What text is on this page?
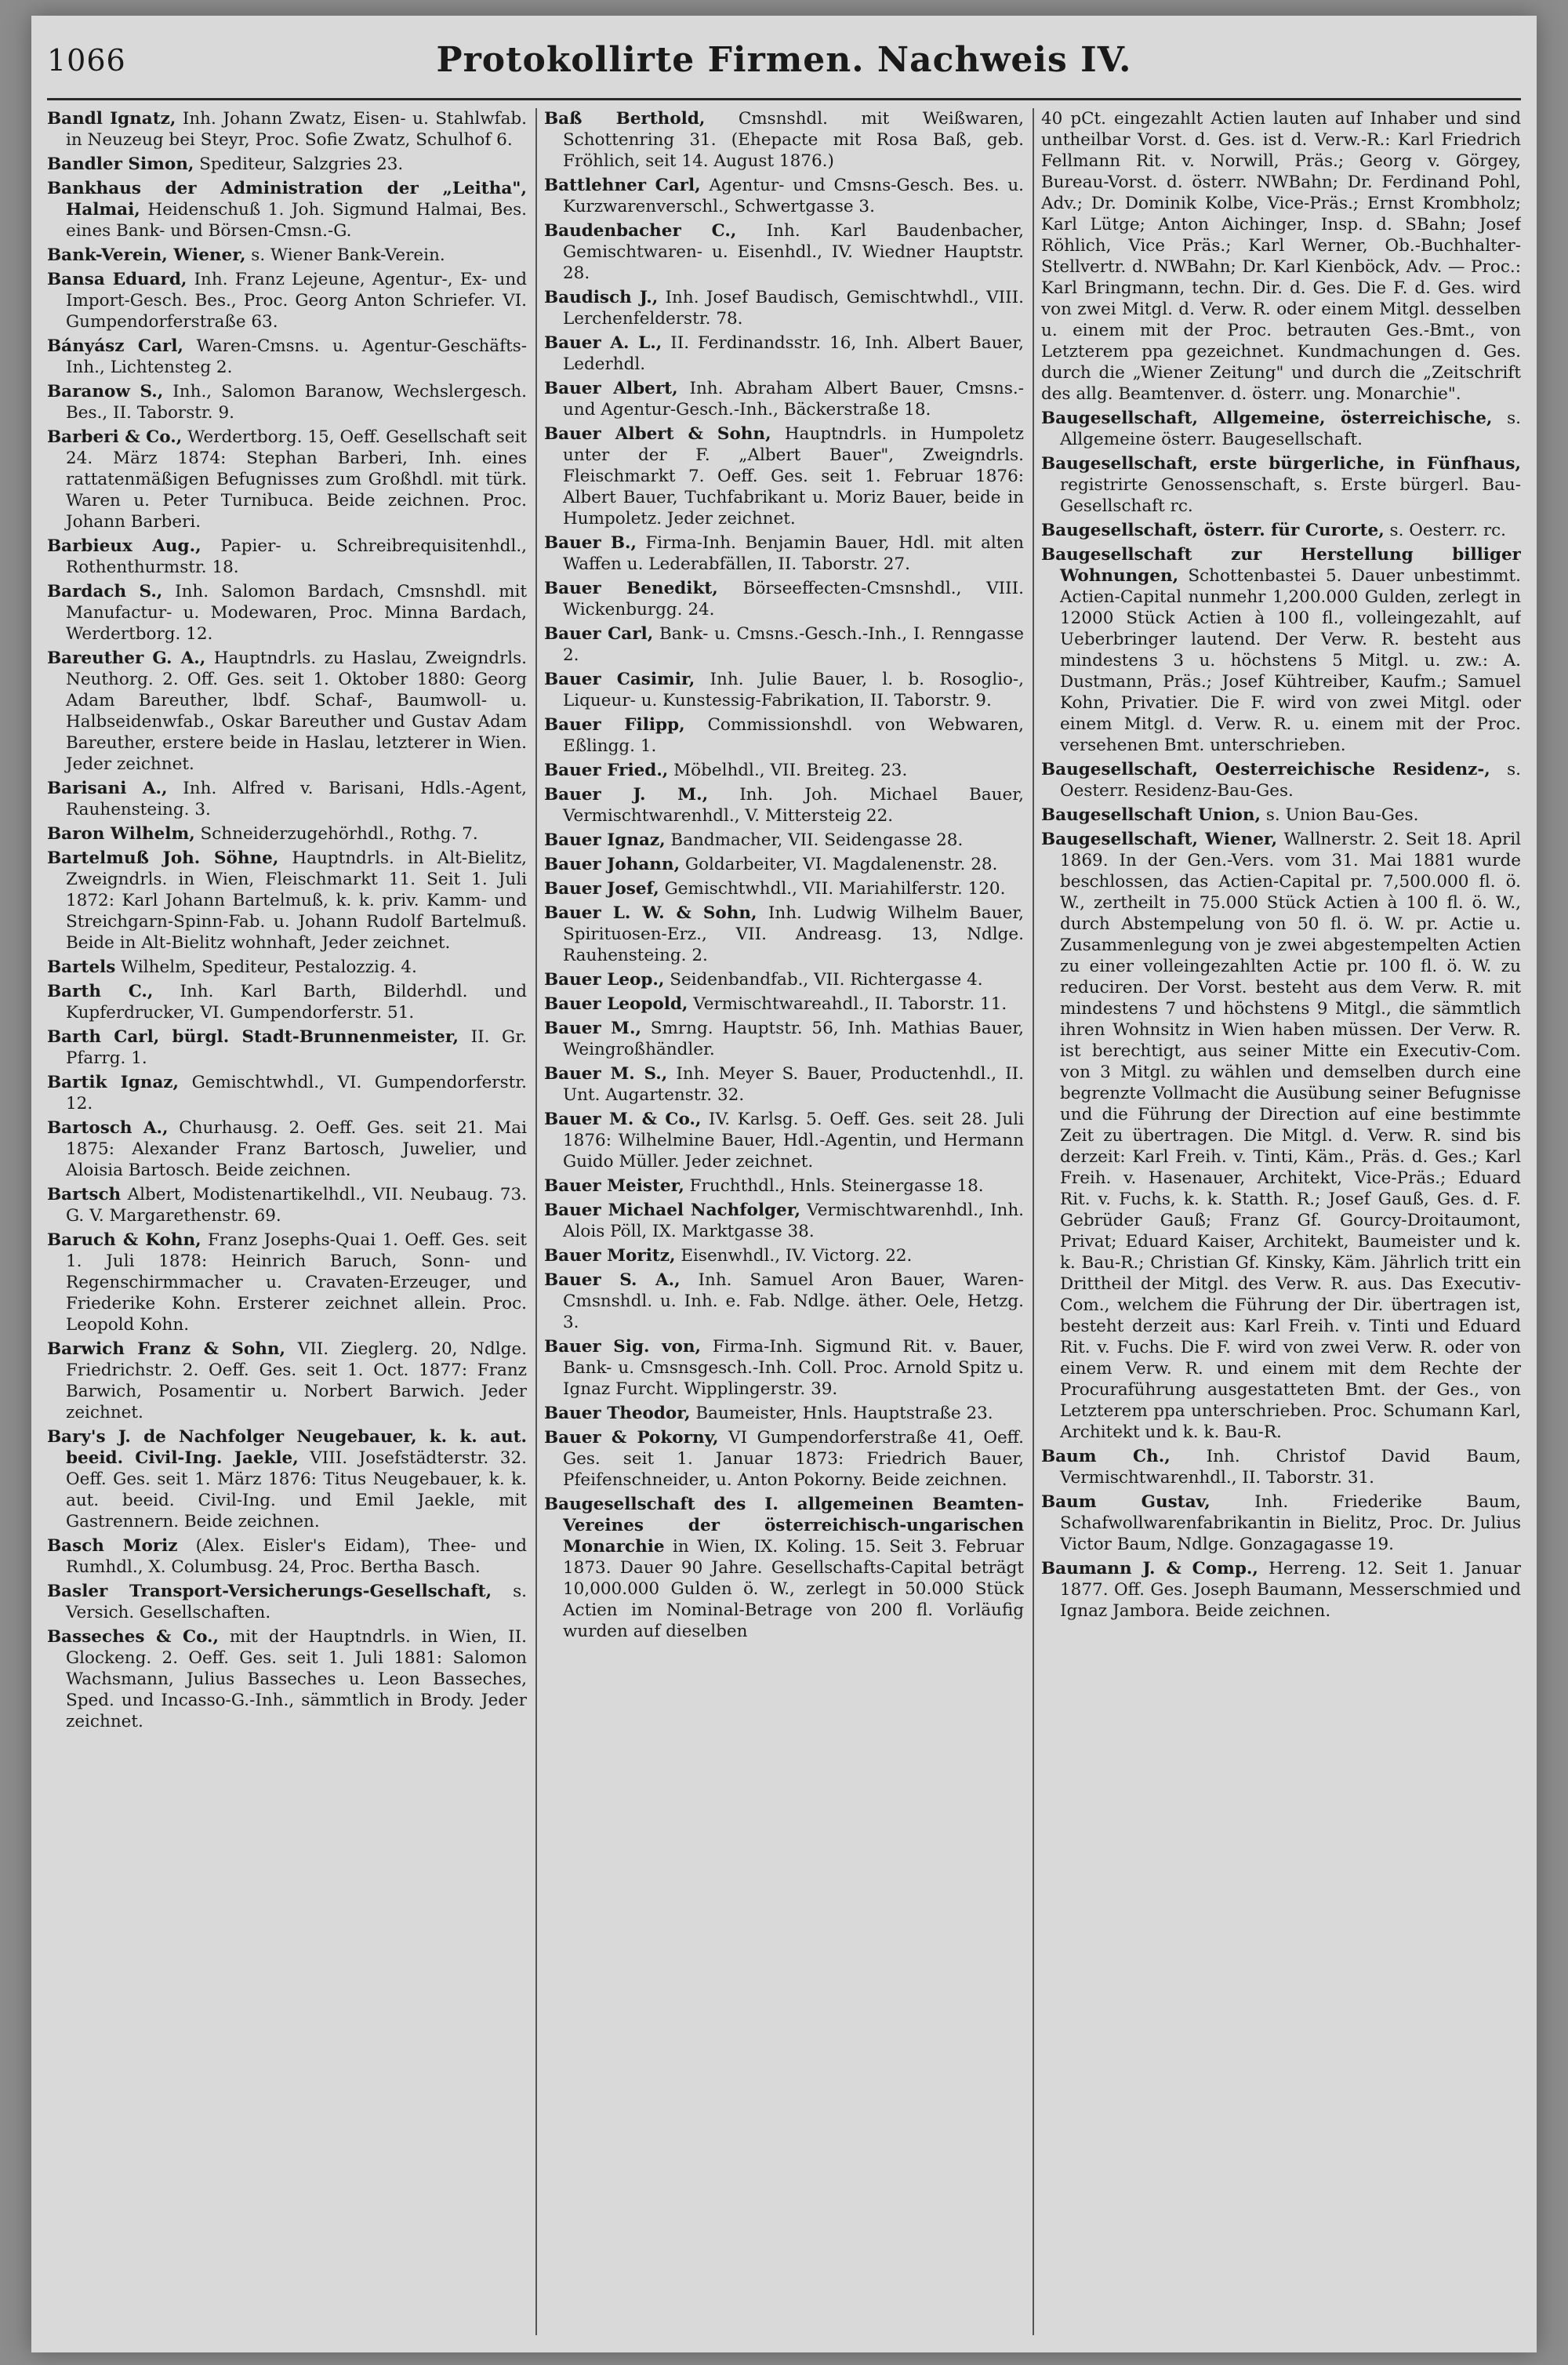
1066	Protokollirte Firmen. Nachweis IV.

Bandl Ignatz, Inh. Johann Zwatz, Eisen- u. Stahlwfab. in Neuzeug bei Steyr, Proc. Sofie Zwatz, Schulhof 6.

Bandler Simon, Spediteur, Salzgries 23.

Bankhaus der Administration der „Leitha", Halmai, Heidenschuß 1. Joh. Sigmund Halmai, Bes. eines Bank- und Börsen-Cmsn.-G.

Bank-Verein, Wiener, s. Wiener Bank-Verein.

Bansa Eduard, Inh. Franz Lejeune, Agentur-, Ex- und Import-Gesch. Bes., Proc. Georg Anton Schriefer. VI. Gumpendorferstraße 63.

Bányász Carl, Waren-Cmsns. u. Agentur-Geschäfts-Inh., Lichtensteg 2.

Baranow S., Inh., Salomon Baranow, Wechslergesch. Bes., II. Taborstr. 9.

Barberi & Co., Werdertborg. 15, Oeff. Gesellschaft seit 24. März 1874: Stephan Barberi, Inh. eines rattatenmäßigen Befugnisses zum Großhdl. mit türk. Waren u. Peter Turnibuca. Beide zeichnen. Proc. Johann Barberi.

Barbieux Aug., Papier- u. Schreibrequisitenhdl., Rothenthurmstr. 18.

Bardach S., Inh. Salomon Bardach, Cmsnshdl. mit Manufactur- u. Modewaren, Proc. Minna Bardach, Werdertborg. 12.

Bareuther G. A., Hauptndrls. zu Haslau, Zweigndrls. Neuthorg. 2. Off. Ges. seit 1. Oktober 1880: Georg Adam Bareuther, lbdf. Schaf-, Baumwoll- u. Halbseidenwfab., Oskar Bareuther und Gustav Adam Bareuther, erstere beide in Haslau, letzterer in Wien. Jeder zeichnet.

Barisani A., Inh. Alfred v. Barisani, Hdls.-Agent, Rauhensteing. 3.

Baron Wilhelm, Schneiderzugehörhdl., Rothg. 7.

Bartelmuß Joh. Söhne, Hauptndrls. in Alt-Bielitz, Zweigndrls. in Wien, Fleischmarkt 11. Seit 1. Juli 1872: Karl Johann Bartelmuß, k. k. priv. Kamm- und Streichgarn-Spinn-Fab. u. Johann Rudolf Bartelmuß. Beide in Alt-Bielitz wohnhaft, Jeder zeichnet.

Bartels Wilhelm, Spediteur, Pestalozzig. 4.

Barth C., Inh. Karl Barth, Bilderhdl. und Kupferdrucker, VI. Gumpendorferstr. 51.

Barth Carl, bürgl. Stadt-Brunnenmeister, II. Gr. Pfarrg. 1.

Bartik Ignaz, Gemischtwhdl., VI. Gumpendorferstr. 12.

Bartosch A., Churhausg. 2. Oeff. Ges. seit 21. Mai 1875: Alexander Franz Bartosch, Juwelier, und Aloisia Bartosch. Beide zeichnen.

Bartsch Albert, Modistenartikelhdl., VII. Neubaug. 73. G. V. Margarethenstr. 69.

Baruch & Kohn, Franz Josephs-Quai 1. Oeff. Ges. seit 1. Juli 1878: Heinrich Baruch, Sonn- und Regenschirmmacher u. Cravaten-Erzeuger, und Friederike Kohn. Ersterer zeichnet allein. Proc. Leopold Kohn.

Barwich Franz & Sohn, VII. Zieglerg. 20, Ndlge. Friedrichstr. 2. Oeff. Ges. seit 1. Oct. 1877: Franz Barwich, Posamentir u. Norbert Barwich. Jeder zeichnet.

Bary's J. de Nachfolger Neugebauer, k. k. aut. beeid. Civil-Ing. Jaekle, VIII. Josefstädterstr. 32. Oeff. Ges. seit 1. März 1876: Titus Neugebauer, k. k. aut. beeid. Civil-Ing. und Emil Jaekle, mit Gastrennern. Beide zeichnen.

Basch Moriz (Alex. Eisler's Eidam), Thee- und Rumhdl., X. Columbusg. 24, Proc. Bertha Basch.

Basler Transport-Versicherungs-Gesellschaft, s. Versich. Gesellschaften.

Basseches & Co., mit der Hauptndrls. in Wien, II. Glockeng. 2. Oeff. Ges. seit 1. Juli 1881: Salomon Wachsmann, Julius Basseches u. Leon Basseches, Sped. und Incasso-G.-Inh., sämmtlich in Brody. Jeder zeichnet.

Baß Berthold, Cmsnshdl. mit Weißwaren, Schottenring 31. (Ehepacte mit Rosa Baß, geb. Fröhlich, seit 14. August 1876.)

Battlehner Carl, Agentur- und Cmsns-Gesch. Bes. u. Kurzwarenverschl., Schwertgasse 3.

Baudenbacher C., Inh. Karl Baudenbacher, Gemischtwaren- u. Eisenhdl., IV. Wiedner Hauptstr. 28.

Baudisch J., Inh. Josef Baudisch, Gemischtwhdl., VIII. Lerchenfelderstr. 78.

Bauer A. L., II. Ferdinandsstr. 16, Inh. Albert Bauer, Lederhdl.

Bauer Albert, Inh. Abraham Albert Bauer, Cmsns.- und Agentur-Gesch.-Inh., Bäckerstraße 18.

Bauer Albert & Sohn, Hauptndrls. in Humpoletz unter der F. „Albert Bauer", Zweigndrls. Fleischmarkt 7. Oeff. Ges. seit 1. Februar 1876: Albert Bauer, Tuchfabrikant u. Moriz Bauer, beide in Humpoletz. Jeder zeichnet.

Bauer B., Firma-Inh. Benjamin Bauer, Hdl. mit alten Waffen u. Lederabfällen, II. Taborstr. 27.

Bauer Benedikt, Börseeffecten-Cmsnshdl., VIII. Wickenburgg. 24.

Bauer Carl, Bank- u. Cmsns.-Gesch.-Inh., I. Renngasse 2.

Bauer Casimir, Inh. Julie Bauer, l. b. Rosoglio-, Liqueur- u. Kunstessig-Fabrikation, II. Taborstr. 9.

Bauer Filipp, Commissionshdl. von Webwaren, Eßlingg. 1.

Bauer Fried., Möbelhdl., VII. Breiteg. 23.

Bauer J. M., Inh. Joh. Michael Bauer, Vermischtwarenhdl., V. Mittersteig 22.

Bauer Ignaz, Bandmacher, VII. Seidengasse 28.

Bauer Johann, Goldarbeiter, VI. Magdalenenstr. 28.

Bauer Josef, Gemischtwhdl., VII. Mariahilferstr. 120.

Bauer L. W. & Sohn, Inh. Ludwig Wilhelm Bauer, Spirituosen-Erz., VII. Andreasg. 13, Ndlge. Rauhensteing. 2.

Bauer Leop., Seidenbandfab., VII. Richtergasse 4.

Bauer Leopold, Vermischtwareahdl., II. Taborstr. 11.

Bauer M., Smrng. Hauptstr. 56, Inh. Mathias Bauer, Weingroßhändler.

Bauer M. S., Inh. Meyer S. Bauer, Productenhdl., II. Unt. Augartenstr. 32.

Bauer M. & Co., IV. Karlsg. 5. Oeff. Ges. seit 28. Juli 1876: Wilhelmine Bauer, Hdl.-Agentin, und Hermann Guido Müller. Jeder zeichnet.

Bauer Meister, Fruchthdl., Hnls. Steinergasse 18.

Bauer Michael Nachfolger, Vermischtwarenhdl., Inh. Alois Pöll, IX. Marktgasse 38.

Bauer Moritz, Eisenwhdl., IV. Victorg. 22.

Bauer S. A., Inh. Samuel Aron Bauer, Waren-Cmsnshdl. u. Inh. e. Fab. Ndlge. äther. Oele, Hetzg. 3.

Bauer Sig. von, Firma-Inh. Sigmund Rit. v. Bauer, Bank- u. Cmsnsgesch.-Inh. Coll. Proc. Arnold Spitz u. Ignaz Furcht. Wipplingerstr. 39.

Bauer Theodor, Baumeister, Hnls. Hauptstraße 23.

Bauer & Pokorny, VI Gumpendorferstraße 41, Oeff. Ges. seit 1. Januar 1873: Friedrich Bauer, Pfeifenschneider, u. Anton Pokorny. Beide zeichnen.

Baugesellschaft des I. allgemeinen Beamten-Vereines der österreichisch-ungarischen Monarchie in Wien, IX. Koling. 15. Seit 3. Februar 1873. Dauer 90 Jahre. Gesellschafts-Capital beträgt 10,000.000 Gulden ö. W., zerlegt in 50.000 Stück Actien im Nominal-Betrage von 200 fl. Vorläufig wurden auf dieselben

40 pCt. eingezahlt Actien lauten auf Inhaber und sind untheilbar Vorst. d. Ges. ist d. Verw.-R.: Karl Friedrich Fellmann Rit. v. Norwill, Präs.; Georg v. Görgey, Bureau-Vorst. d. österr. NWBahn; Dr. Ferdinand Pohl, Adv.; Dr. Dominik Kolbe, Vice-Präs.; Ernst Krombholz; Karl Lütge; Anton Aichinger, Insp. d. SBahn; Josef Röhlich, Vice Präs.; Karl Werner, Ob.-Buchhalter-Stellvertr. d. NWBahn; Dr. Karl Kienböck, Adv. — Proc.: Karl Bringmann, techn. Dir. d. Ges. Die F. d. Ges. wird von zwei Mitgl. d. Verw. R. oder einem Mitgl. desselben u. einem mit der Proc. betrauten Ges.-Bmt., von Letzterem ppa gezeichnet. Kundmachungen d. Ges. durch die „Wiener Zeitung" und durch die „Zeitschrift des allg. Beamtenver. d. österr. ung. Monarchie".

Baugesellschaft, Allgemeine, österreichische, s. Allgemeine österr. Baugesellschaft.

Baugesellschaft, erste bürgerliche, in Fünfhaus, registrirte Genossenschaft, s. Erste bürgerl. Bau-Gesellschaft rc.

Baugesellschaft, österr. für Curorte, s. Oesterr. rc.

Baugesellschaft zur Herstellung billiger Wohnungen, Schottenbastei 5. Dauer unbestimmt. Actien-Capital nunmehr 1,200.000 Gulden, zerlegt in 12000 Stück Actien à 100 fl., volleingezahlt, auf Ueberbringer lautend. Der Verw. R. besteht aus mindestens 3 u. höchstens 5 Mitgl. u. zw.: A. Dustmann, Präs.; Josef Kühtreiber, Kaufm.; Samuel Kohn, Privatier. Die F. wird von zwei Mitgl. oder einem Mitgl. d. Verw. R. u. einem mit der Proc. versehenen Bmt. unterschrieben.

Baugesellschaft, Oesterreichische Residenz-, s. Oesterr. Residenz-Bau-Ges.

Baugesellschaft Union, s. Union Bau-Ges.

Baugesellschaft, Wiener, Wallnerstr. 2. Seit 18. April 1869. In der Gen.-Vers. vom 31. Mai 1881 wurde beschlossen, das Actien-Capital pr. 7,500.000 fl. ö. W., zertheilt in 75.000 Stück Actien à 100 fl. ö. W., durch Abstempelung von 50 fl. ö. W. pr. Actie u. Zusammenlegung von je zwei abgestempelten Actien zu einer volleingezahlten Actie pr. 100 fl. ö. W. zu reduciren. Der Vorst. besteht aus dem Verw. R. mit mindestens 7 und höchstens 9 Mitgl., die sämmtlich ihren Wohnsitz in Wien haben müssen. Der Verw. R. ist berechtigt, aus seiner Mitte ein Executiv-Com. von 3 Mitgl. zu wählen und demselben durch eine begrenzte Vollmacht die Ausübung seiner Befugnisse und die Führung der Direction auf eine bestimmte Zeit zu übertragen. Die Mitgl. d. Verw. R. sind bis derzeit: Karl Freih. v. Tinti, Käm., Präs. d. Ges.; Karl Freih. v. Hasenauer, Architekt, Vice-Präs.; Eduard Rit. v. Fuchs, k. k. Statth. R.; Josef Gauß, Ges. d. F. Gebrüder Gauß; Franz Gf. Gourcy-Droitaumont, Privat; Eduard Kaiser, Architekt, Baumeister und k. k. Bau-R.; Christian Gf. Kinsky, Käm. Jährlich tritt ein Drittheil der Mitgl. des Verw. R. aus. Das Executiv-Com., welchem die Führung der Dir. übertragen ist, besteht derzeit aus: Karl Freih. v. Tinti und Eduard Rit. v. Fuchs. Die F. wird von zwei Verw. R. oder von einem Verw. R. und einem mit dem Rechte der Procuraführung ausgestatteten Bmt. der Ges., von Letzterem ppa unterschrieben. Proc. Schumann Karl, Architekt und k. k. Bau-R.

Baum Ch., Inh. Christof David Baum, Vermischtwarenhdl., II. Taborstr. 31.

Baum Gustav, Inh. Friederike Baum, Schafwollwarenfabrikantin in Bielitz, Proc. Dr. Julius Victor Baum, Ndlge. Gonzagagasse 19.

Baumann J. & Comp., Herreng. 12. Seit 1. Januar 1877. Off. Ges. Joseph Baumann, Messerschmied und Ignaz Jambora. Beide zeichnen.
